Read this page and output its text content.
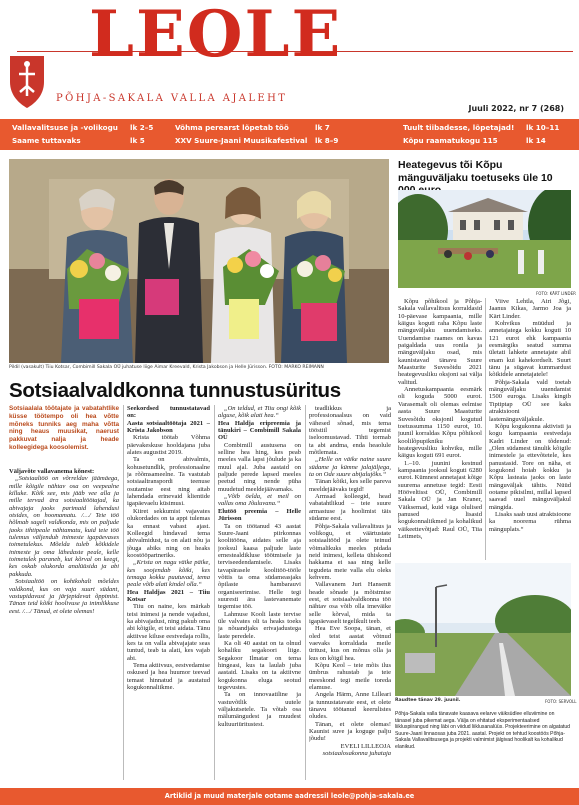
LEOLE
PÕHJA-SAKALA VALLA AJALEHT
Juuli 2022, nr 7 (268)
Vallavalitsuse ja -volikogu lk 2–5
Saame tuttavaks	lk 5
Võhma perearst lõpetab töö	lk 7
XXV Suure-Jaani Muusikafestival lk 8–9
Tuult tiibadesse, lõpetajad! lk 10–11
Kõpu raamatukogu 115	lk 14
Pildil (vasakult) Tiiu Kotsar, Combimill Sakala OÜ juhatuse liige Aimar Kreevald, Krista Jakobson ja Helle Jürisson. FOTO: MARKO REIMANN
Sotsiaalvaldkonna tunnustusüritus
Sotsiaalala töötajate ja vabatahtlike küsse töötempo oli hea võtte mõneks tunniks aeg maha võtta ning heaus muusikat, naerust pakkuvat nalja ja heade kolleegidega koosolemist.

Väljavõte vallavanema kõnest:

„Sotsiaaltöö on võrreldav jäämäega, mille kõigile nähtav osa on veepealne killuke. Kõik see, mis jääb vee alla ja mille tervad ära sotsiaaltöötajad, ka abivajaja jaoks parimaid lahendusi otsides, on hoomamatu. /…/ Teie töö hõlmab sageli valdkonda, mis on paljude jaoks tihtipeale nähtamatu, kuid teie töö tulemus väljendub inimeste igapäevases toimetulekus. Mõelda tuleb kõikidele inimeste ja oma lähedaste peale, kelle toimetulek paraneb, kui kõrval on keegi, kes oskab olukorda analüüsida ja abi pakkuda.

Sotsiaaltöö on kohtkohalt mõeldes valdkond, kus on vaja suurt südant, vastupidavust ja järjepidevat õppimist. Tänan teid kõiki hoolivuse ja inimlikkuse eest. /…/ Tänud, et olete olemas!

Seekordsed tunnustatavad on:

Aasta sotsiaaltöötaja 2021 – Krista Jakobson

Krista töötab Võhma päevakeskuse hooldajana juba alates augustist 2019.

Ta on abivalmis, kohusetundlik, professionaalne ja rõõmsameelne. Ta vastutab sotsiaaltranspordi teenuse osutamise eest ning aitab lahendada erinevaid klientide igapäevaelu küsimusi.

Kiiret sekkumist vajavates olukordades on ta appi tulemas ka ennast vabast ajast. Kolleegid hindavad tema abivalmidust, ta on alati nõu ja jõuga abiks ning on heaks koostööpartneriks.

„Krista on nagu väike päike, kes soojendab kõiki, kes temaga kokku puutuvad, tema peale võib alati kindel olla.“

Hea Haldjas 2021 – Tiiu Kotsar

Tiiu on naine, kes märkab teisi inimesi ja nende vajadusi, ka abivajadust, ning pakub oma abi kõigile, et teisi aidata. Tänu aktiivse kiluse eestvedaja rollis, kes ta on valla abivajajate seas tuntud, teab ta alati, kes vajab abi.

Tema aktiivsus, eestvedamise oskused ja hea huumor teevad temast hinnatud ja austatud kogukonnaliikme.

„On teldud, et Tiiu ongi kõik alguse, kõik alati hea.“

Hea Haldja eripreemia ja tänukiri – Combimill Sakala OÜ

Combimill austusena on selline hea hing, kes peab meeles valla lapsi jõulude ja ka muul ajal. Juba aastaid on paljude perede lapsed meeles peetud ning nende püha muudetud meeldejäävamaks.

„Võib öelda, et meil on vallas oma Jõuluvana.“

Elutöö preemia – Helle Jürisson

Ta on töötanud 43 aastat Suure-Jaani piirkonnas koolitööna, aidates selle aja jooksul kaasa paljude laste ernestealdikluse töötmisele ja terviseedendamisele. Lisaks tavapärasele koolitöö-tööle võttis ta oma südameasjaks õpilaste hambarauvi organiseerimise. Helle tegi suuresti ära lastevanemate tegemise töö.

Lahmuse Kooli laste tervise üle valvates oli ta heaks toeks ja nõuandjaks erivajadustega laste peredele.

Ka oli 40 aastat on ta olnud kohaliku segakoori liige. Segakoor Ilmatar on tema hingeasi, kus ta laulab juba aastaid. Lisaks on ta aktiivne kogukonna eluga seotud tegevustes.

Ta on innovaatiline ja vastuvõtlik uutele väljakutsetele. Ta võtab osa mälumängudest ja muudest kultuuriüritustest.

teadlikkus ja professionaalsus on vaid vähesed sõnad, mis tema tööstiil tegemist iseloomustavad. Tihti tormab ta abi andma, enda heaolule mõtlemata.

„Helle on väike naine suure südame ja kümne jalajäljega, ta on Ode suure abijalujõks.“

Tänan kõiki, kes selle pareva meeldejäävaks tegid!

Armsad kolleegid, head vabatahtlikud – teie suure armastuse ja hoolimist täis südame eest.

Põhja-Sakala vallavalitsus ja volikogu, et väärtustate sotsiaaltööd ja olete teinud võimalikuks meeles pidada neid inimesi, kelleta ühiskond hakkama ei saa ning kelle tegudeta meie valla elu oleks kehvem.

Vallavanem Juri Hansenit heade sõnade ja mõistmise eest, et sotsiaalvaldkonna töö nähtav osa võib olla imeväike selle kõrval, mida ta igapäevaselt tegelikult teeb.

Hea Eve Soopa, tänan, et oled teist aastat võtnud vaevaks korraldada meile üritust, kus on mõnus olla ja kus on kõigil hea.

Kõpu Keol – teie mõis ilus ümbrus rahustab ja teie meeskond tegi meile toreda elamuse.

Angela Härm, Anne Lilleari ja tunnustatavate eest, et olete tänavu töötanud keerulistes oludes.

Tänan, et olete olemas! Kaunist suve ja koguge palju jõudu!

EVELI LILLEOJA

sotsiaalosakonna juhataja

Heategevus tõi Kõpu mänguväljaku toetuseks üle 10
FOTO: KÄRT LINDER

Kõpu põhikool ja Põhja-Sakala vallavalitsus korraldasid 10-päevase kampaania, mille käigus koguti raha Kõpu laste mänguväljaku uuendamiseks. Uuendamise raames on kavas paigaldada uus ronila ja mänguväljaku osad, mis kaunistavad tänavu Suure Maasturite Suvesõidu 2021 heategevusliku oksjoni sai välja valitud.

Annetuskampaania eesmärk oli koguda 5000 eurot. Varasemalt oli olemas eelmise aasta Suure Maasturite Suvesõidu oksjonil kogutud toetussumma 1150 eurot, 10. juunil korraldas Kõpu põhikool koolilõpupikniku heategevusliku kohviku, mille käigus koguti 691 eurot.

1.–10. juunini kestnud kampaania jooksul koguti 6280 eurot. Kümnest annetajast kõige suurema annetuse tegid: Eesti Hööveltisst OÜ, Combimill Sakala OÜ ja Jan Kraner, Väiksemad, kuid väga olulised panused lisasid kogukonnaliikmed ja kohalikud väikeettevõtjad: Raul OÜ, Tiia Leitmets,

Viive Lehtla, Airi Jõgi, Jaanus Kikas, Jarmo Joa ja Kärt Linder.

Kohvikus müüdud ja annetajatega kokku koguti 10 121 eurot ehk kampaania eesmärgiks seatud summa ületati lahkete annetajate abil enam kui kahekordselt. Suurt tänu ja sügavat kummardust kõikidele annetajatele!

Põhja-Sakala vald toetab mänguväljaku uuendamist 1500 euroga. Lisaks kingib Tiptiptap OÜ see kaks atraktsiooni lastemänguväljakule.

Kõpu kogukonna aktivisti ja kogu kampaania eestvedaja Kadri Linder on tõdenud: „Olen südamest tänulik kõigile inimestele ja ettevõtetele, kes panustasid. Tore on näha, et kogukond hoiab kokku ja Kõpu lasteaia jaoks on laste mänguväljak tähtis. Nüüd ootame pikisilmi, millal lapsed saavad uuel mänguväljakul mängida.

Lisaks saab uusi atraktsioone ka noorema rühma mänguplats.“

Raudtee tänav 29. juunil.	FOTO: SERVOLL
Põhja-Sakala valla tänavate kaasava eelarve väiksüdlee elluviimine on tänasel juba pikemat aega. Välja on ehitatud eksperimentaalsed liikluspiirangud ning läbi on viidud liiklusanalüüs. Projekteerimine on algatatud Suure-Jaani linnaosas juba 2021. aastal. Projekt on tehtud koostöös Põhja-Sakala Vallavalitsusega ja projekti valmimist jälgivad hoolikalt ka kohalikud elanikud.
Artiklid ja muud materjale ootame aadressil leole@pohja-sakala.ee
